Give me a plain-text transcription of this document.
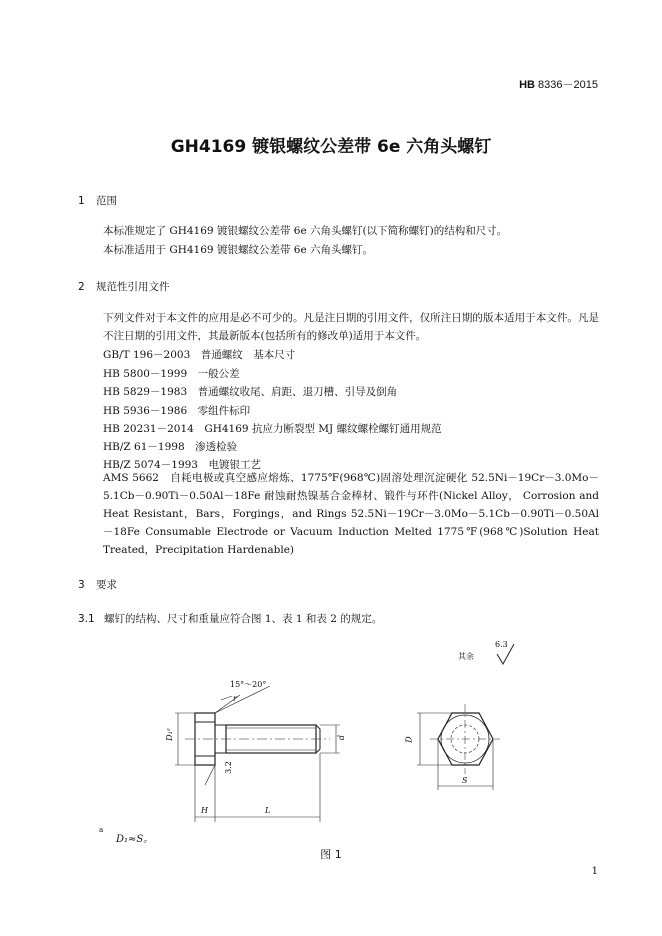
HB 8336－2015
GH4169 镀银螺纹公差带 6e 六角头螺钉
1 范围
本标准规定了 GH4169 镀银螺纹公差带 6e 六角头螺钉(以下简称螺钉)的结构和尺寸。
本标准适用于 GH4169 镀银螺纹公差带 6e 六角头螺钉。
2 规范性引用文件
下列文件对于本文件的应用是必不可少的。凡是注日期的引用文件，仅所注日期的版本适用于本文件。凡是不注日期的引用文件，其最新版本(包括所有的修改单)适用于本文件。
GB/T 196－2003　普通螺纹　基本尺寸
HB 5800－1999　一般公差
HB 5829－1983　普通螺纹收尾、肩距、退刀槽、引导及倒角
HB 5936－1986　零组件标印
HB 20231－2014　GH4169 抗应力断裂型 MJ 螺纹螺栓螺钉通用规范
HB/Z 61－1998　渗透检验
HB/Z 5074－1993　电镀银工艺
AMS 5662　自耗电极或真空感应熔炼、1775℉(968℃)固溶处理沉淀硬化 52.5Ni－19Cr－3.0Mo－5.1Cb－0.90Ti－0.50Al－18Fe 耐蚀耐热镍基合金棒材、锻件与环件(Nickel Alloy， Corrosion and Heat Resistant，Bars，Forgings，and Rings 52.5Ni－19Cr－3.0Mo－5.1Cb－0.90Ti－0.50Al－18Fe Consumable Electrode or Vacuum Induction Melted 1775℉(968℃)Solution Heat Treated，Precipitation Hardenable)
3 要求
3.1 螺钉的结构、尺寸和重量应符合图 1、表 1 和表 2 的规定。
其余
6.3
15°～20°
r
D₁ᵃ	d
3.2
H	L
D
S
a
D₁≈S。
图 1
1
